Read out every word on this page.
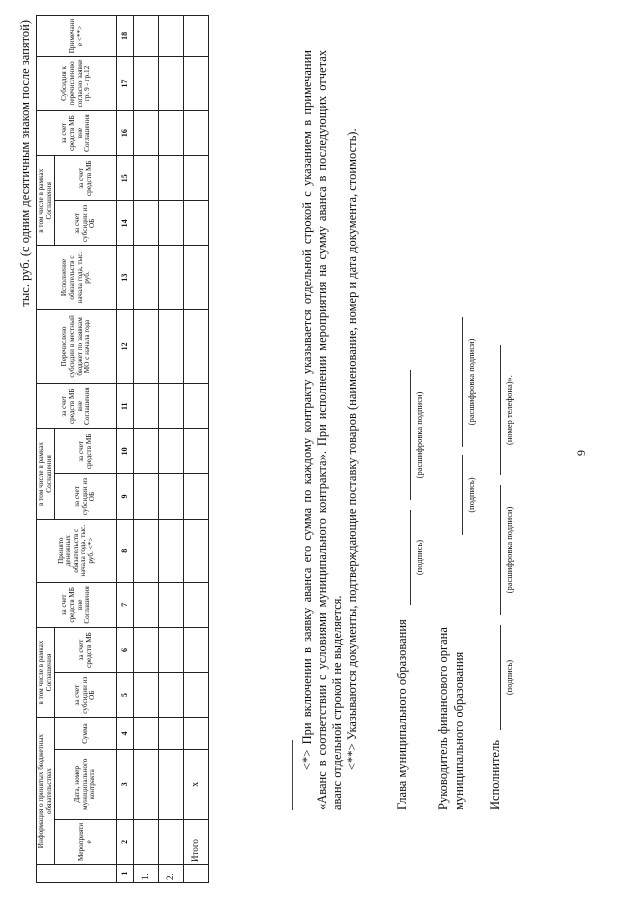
тыс. руб. (с одним десятичным знаком после запятой)
	Информация о принятых бюджетных обязательствах			в том числе в рамках Соглашения		за счет средств МБ вне Соглашения	Принято денежных обязательств с начала года, тыс. руб. <*>	в том числе в рамках Соглашения		за счет средств МБ вне Соглашения	Перечислено субсидии в местный бюджет по заявкам МО с начала года	Исполнение обязательств с начала года, тыс. руб.	в том числе в рамках Соглашения		за счет средств МБ вне Соглашения	Субсидия к перечислению согласно заявке гр. 9 - гр.12	Примечание <**>
	Мероприятие	Дата, номер муниципального контракта	Сумма	за счет субсидии из ОБ	за счет средств МБ			за счет субсидии из ОБ	за счет средств МБ				за счет субсидии из ОБ	за счет средств МБ			
1	2	3	4	5	6	7	8	9	10	11	12	13	14	15	16	17	18
1.																	
2.																	
	Итого	х															
9

<*> При включении в заявку аванса его сумма по каждому контракту указывается отдельной строкой с указанием в примечании «Аванс в соответствии с условиями муниципального контракта». При исполнении мероприятия на сумму аванса в последующих отчетах аванс отдельной строкой не выделяется. <**> Указываются документы, подтверждающие поставку товаров (наименование, номер и дата документа, стоимость).	Глава муниципального образования
(подпись)
(расшифровка подписи)
Руководитель финансового органа муниципального образования
(подпись)
(расшифровка подписи)
Исполнитель
(подпись)
(расшифровка подписи)
(номер телефона)».
